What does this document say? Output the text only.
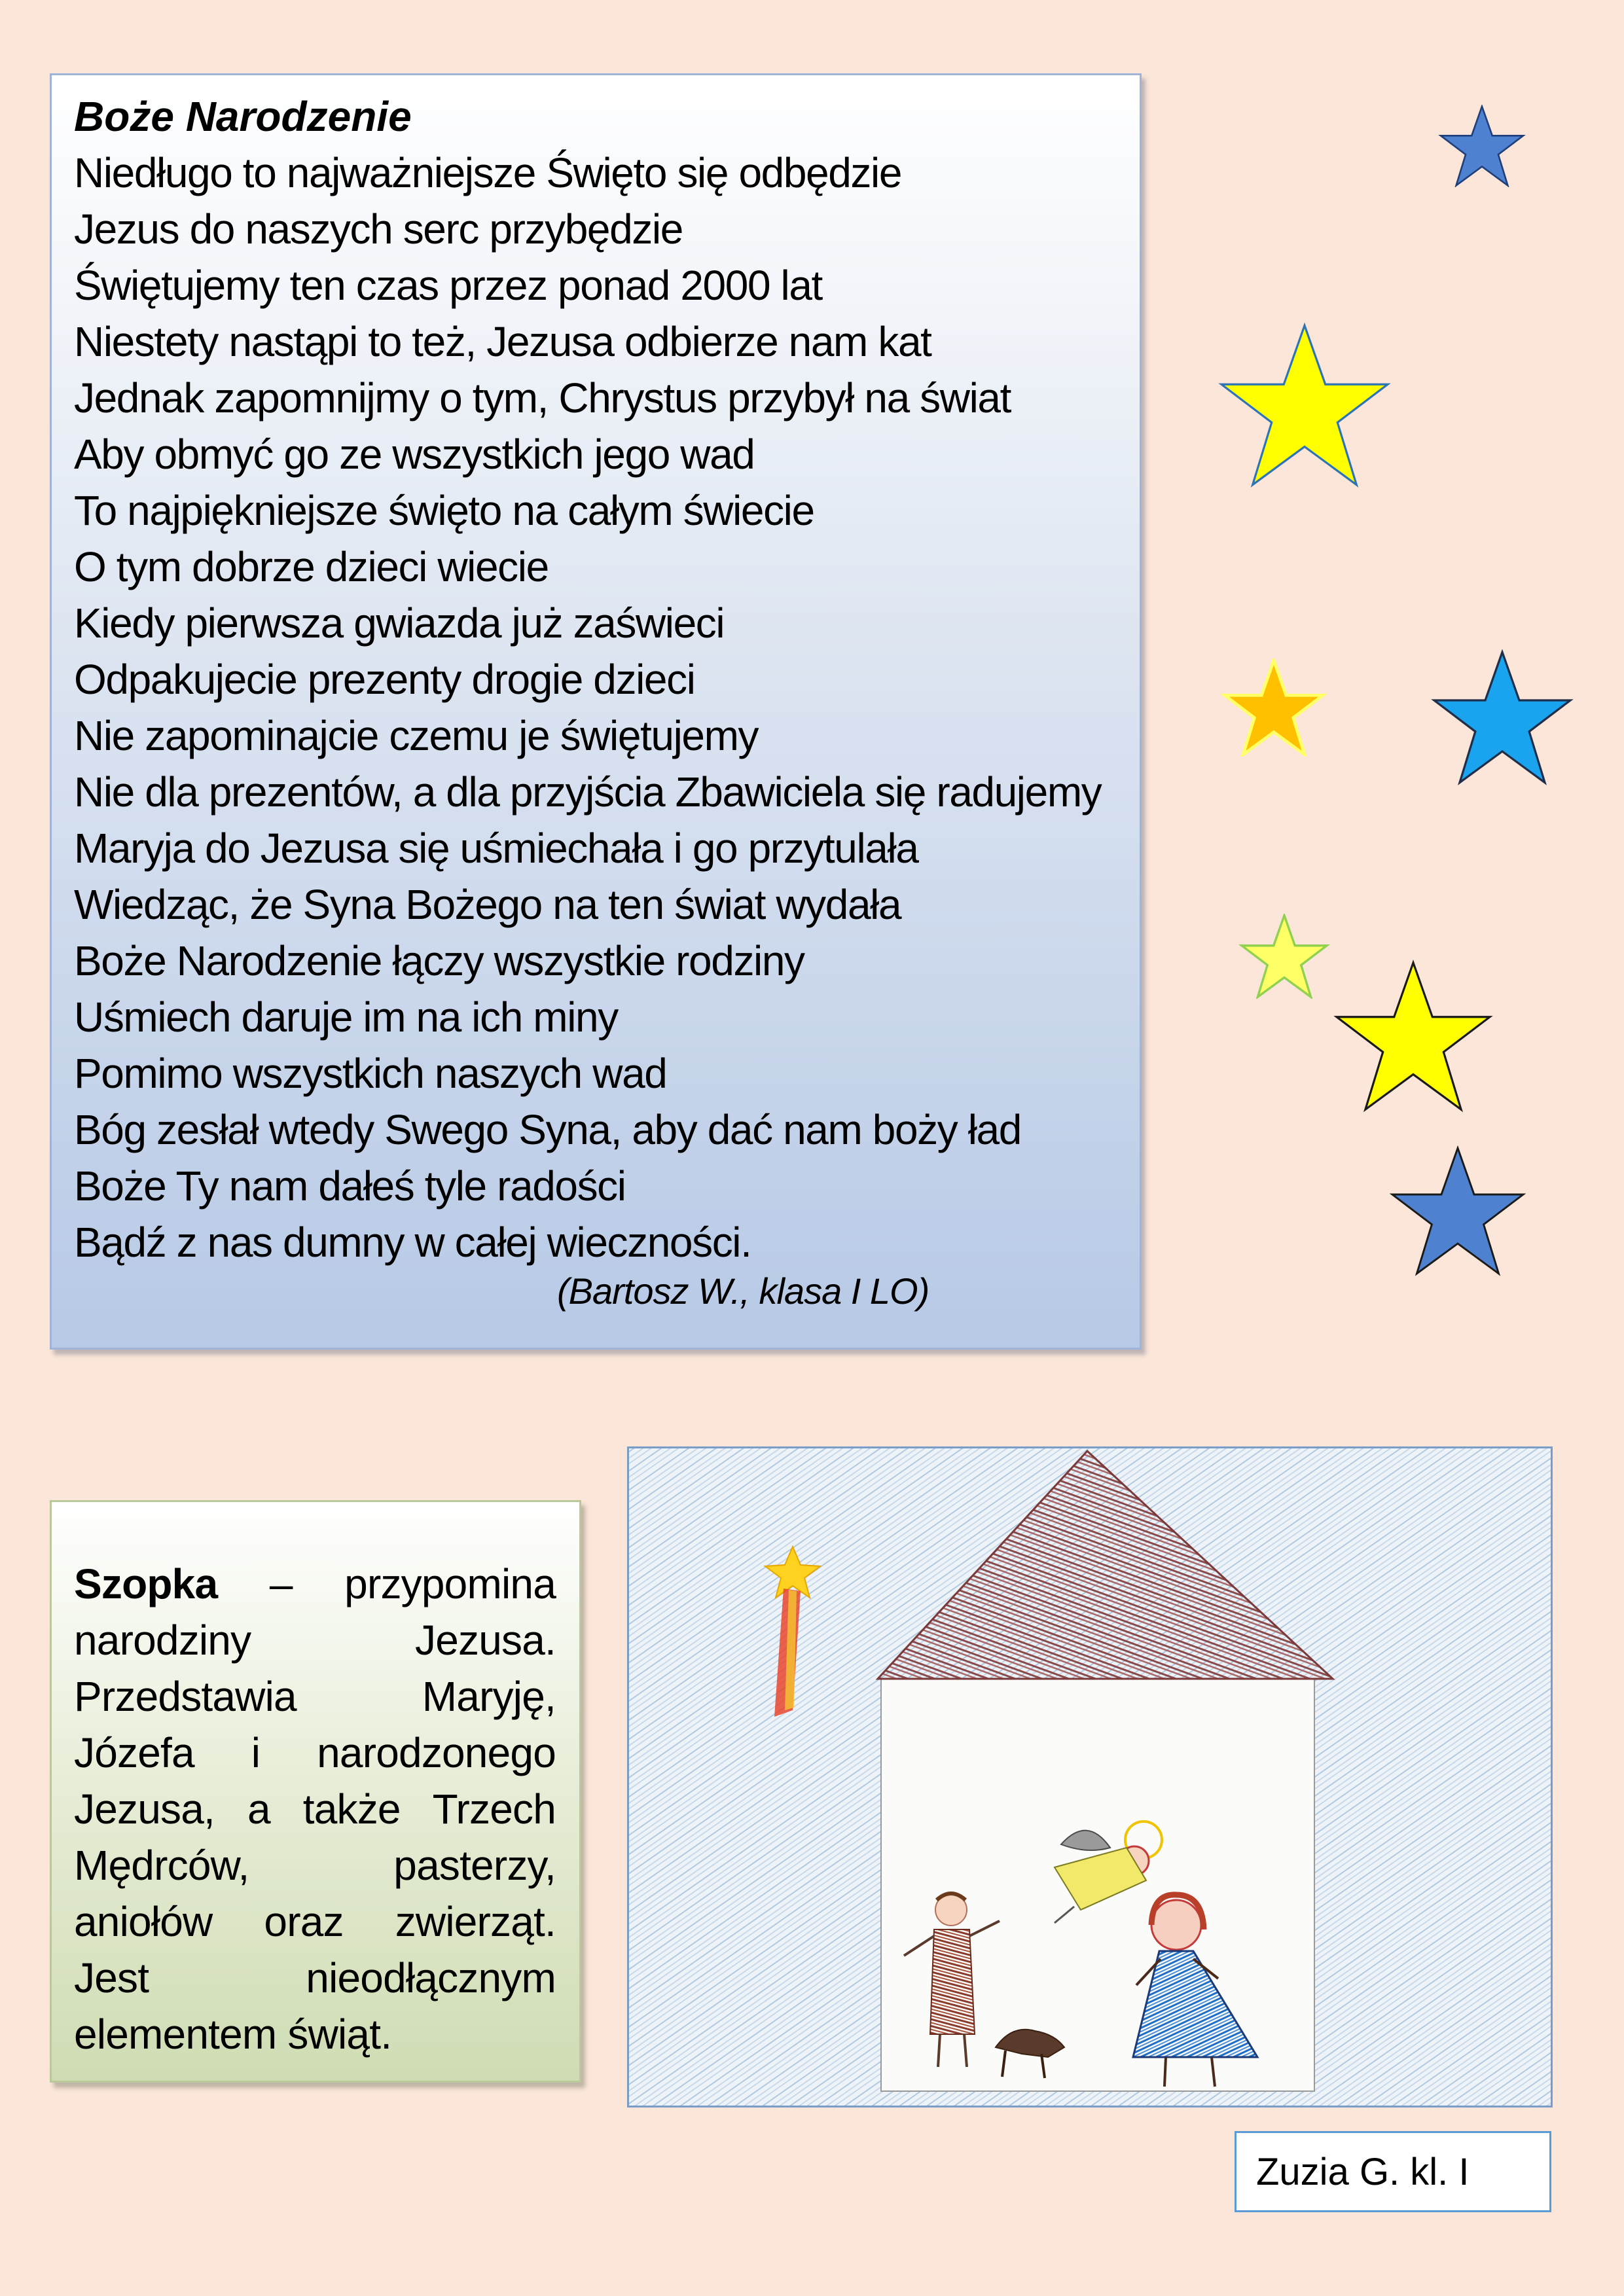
Boże Narodzenie
Niedługo to najważniejsze Święto się odbędzie
Jezus do naszych serc przybędzie
Świętujemy ten czas przez ponad 2000 lat
Niestety nastąpi to też, Jezusa odbierze nam kat
Jednak zapomnijmy o tym, Chrystus przybył na świat
Aby obmyć go ze wszystkich jego wad
To najpiękniejsze święto na całym świecie
O tym dobrze dzieci wiecie
Kiedy pierwsza gwiazda już zaświeci
Odpakujecie prezenty drogie dzieci
Nie zapominajcie czemu je świętujemy
Nie dla prezentów, a dla przyjścia Zbawiciela się radujemy
Maryja do Jezusa się uśmiechała i go przytulała
Wiedząc, że Syna Bożego na ten świat wydała
Boże Narodzenie łączy wszystkie rodziny
Uśmiech daruje im na ich miny
Pomimo wszystkich naszych wad
Bóg zesłał wtedy Swego Syna, aby dać nam boży ład
Boże Ty nam dałeś tyle radości
Bądź z nas dumny w całej wieczności.
(Bartosz W., klasa I LO)

Szopka – przypomina narodziny Jezusa. Przedstawia Maryję, Józefa i narodzonego Jezusa, a także Trzech Mędrców, pasterzy, aniołów oraz zwierząt. Jest nieodłącznym elementem świąt.

Zuzia G. kl. I
